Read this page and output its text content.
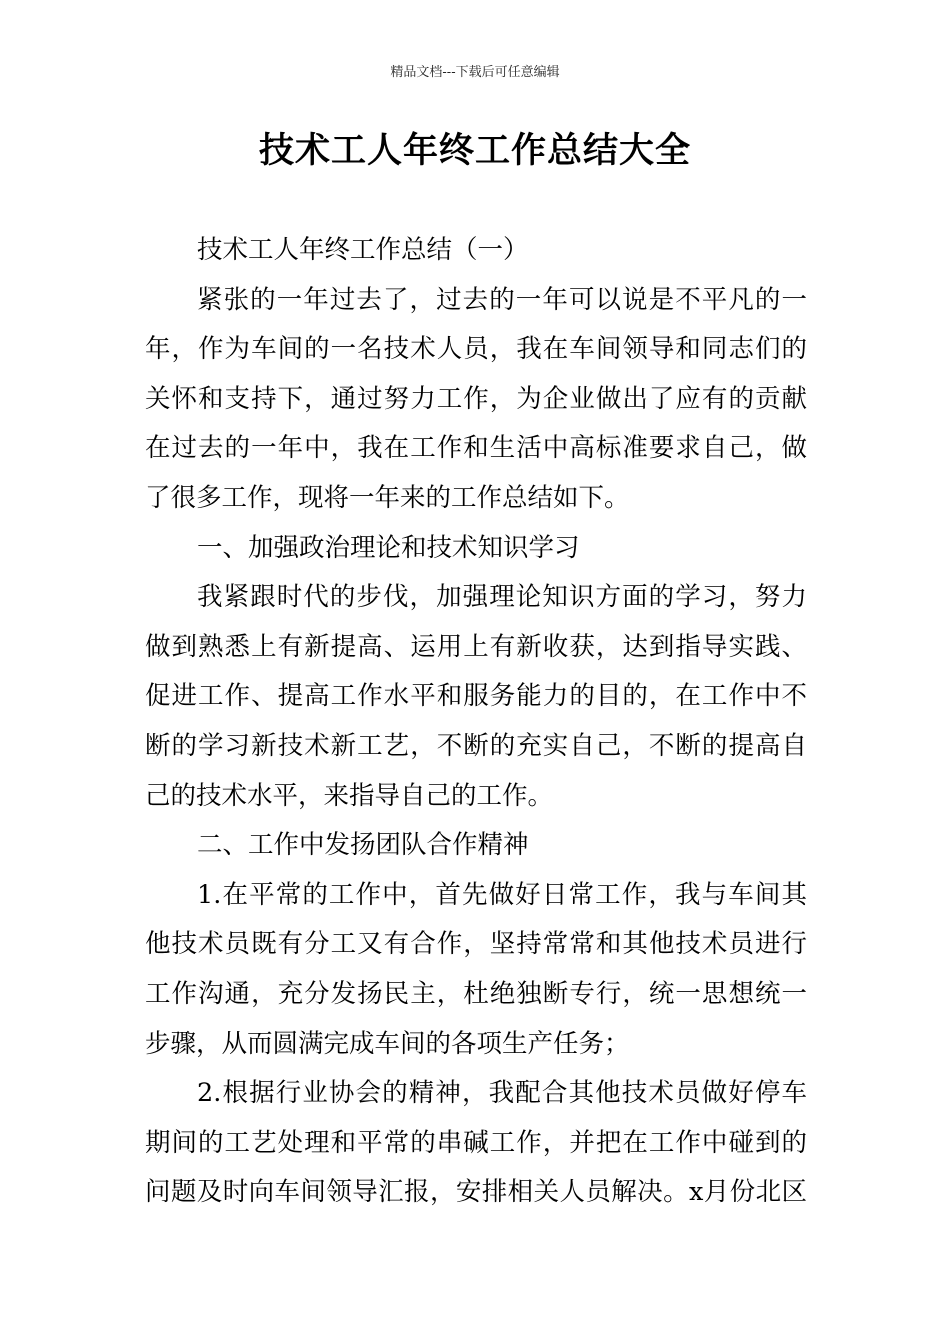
精品文档---下载后可任意编辑
技术工人年终工作总结大全
技术工人年终工作总结（一）
紧张的一年过去了，过去的一年可以说是不平凡的一
年，作为车间的一名技术人员，我在车间领导和同志们的
关怀和支持下，通过努力工作，为企业做出了应有的贡献
在过去的一年中，我在工作和生活中高标准要求自己，做
了很多工作，现将一年来的工作总结如下。
一、加强政治理论和技术知识学习
我紧跟时代的步伐，加强理论知识方面的学习，努力
做到熟悉上有新提高、运用上有新收获，达到指导实践、
促进工作、提高工作水平和服务能力的目的，在工作中不
断的学习新技术新工艺，不断的充实自己，不断的提高自
己的技术水平，来指导自己的工作。
二、工作中发扬团队合作精神
1.在平常的工作中，首先做好日常工作，我与车间其
他技术员既有分工又有合作，坚持常常和其他技术员进行
工作沟通，充分发扬民主，杜绝独断专行，统一思想统一
步骤，从而圆满完成车间的各项生产任务；
2.根据行业协会的精神，我配合其他技术员做好停车
期间的工艺处理和平常的串碱工作，并把在工作中碰到的
问题及时向车间领导汇报，安排相关人员解决。x月份北区
